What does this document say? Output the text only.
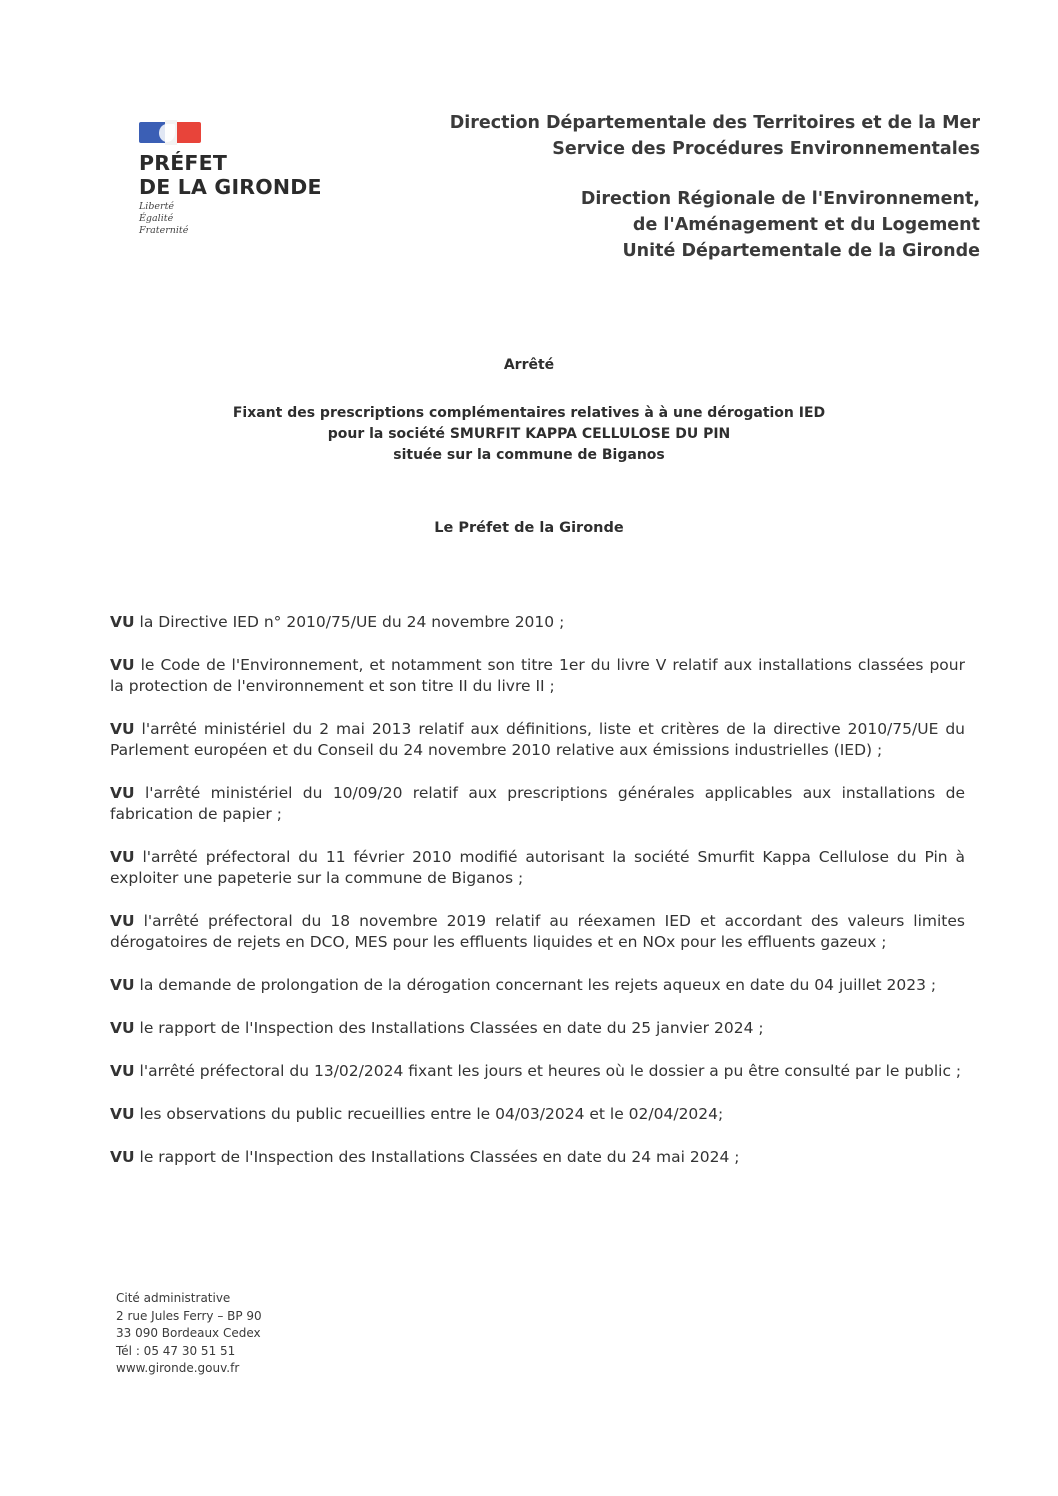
PRÉFET
DE LA GIRONDE
Liberté
Égalité
Fraternité
Direction Départementale des Territoires et de la Mer
Service des Procédures Environnementales
Direction Régionale de l'Environnement,
de l'Aménagement et du Logement
Unité Départementale de la Gironde
Arrêté
Fixant des prescriptions complémentaires relatives à à une dérogation IED
pour la société SMURFIT KAPPA CELLULOSE DU PIN
située sur la commune de Biganos
Le Préfet de la Gironde

VU la Directive IED n° 2010/75/UE du 24 novembre 2010 ;

VU le Code de l'Environnement, et notamment son titre 1er du livre V relatif aux installations classées pour la protection de l'environnement et son titre II du livre II ;

VU l'arrêté ministériel du 2 mai 2013 relatif aux définitions, liste et critères de la directive 2010/75/UE du Parlement européen et du Conseil du 24 novembre 2010 relative aux émissions industrielles (IED) ;

VU l'arrêté ministériel du 10/09/20 relatif aux prescriptions générales applicables aux installations de fabrication de papier ;

VU l'arrêté préfectoral du 11 février 2010 modifié autorisant la société Smurfit Kappa Cellulose du Pin à exploiter une papeterie sur la commune de Biganos ;

VU l'arrêté préfectoral du 18 novembre 2019 relatif au réexamen IED et accordant des valeurs limites dérogatoires de rejets en DCO, MES pour les effluents liquides et en NOx pour les effluents gazeux ;

VU la demande de prolongation de la dérogation concernant les rejets aqueux en date du 04 juillet 2023 ;

VU le rapport de l'Inspection des Installations Classées en date du 25 janvier 2024 ;

VU l'arrêté préfectoral du 13/02/2024 fixant les jours et heures où le dossier a pu être consulté par le public ;

VU les observations du public recueillies entre le 04/03/2024 et le 02/04/2024;

VU le rapport de l'Inspection des Installations Classées en date du 24 mai 2024 ;

Cité administrative
2 rue Jules Ferry – BP 90
33 090 Bordeaux Cedex
Tél : 05 47 30 51 51
www.gironde.gouv.fr
